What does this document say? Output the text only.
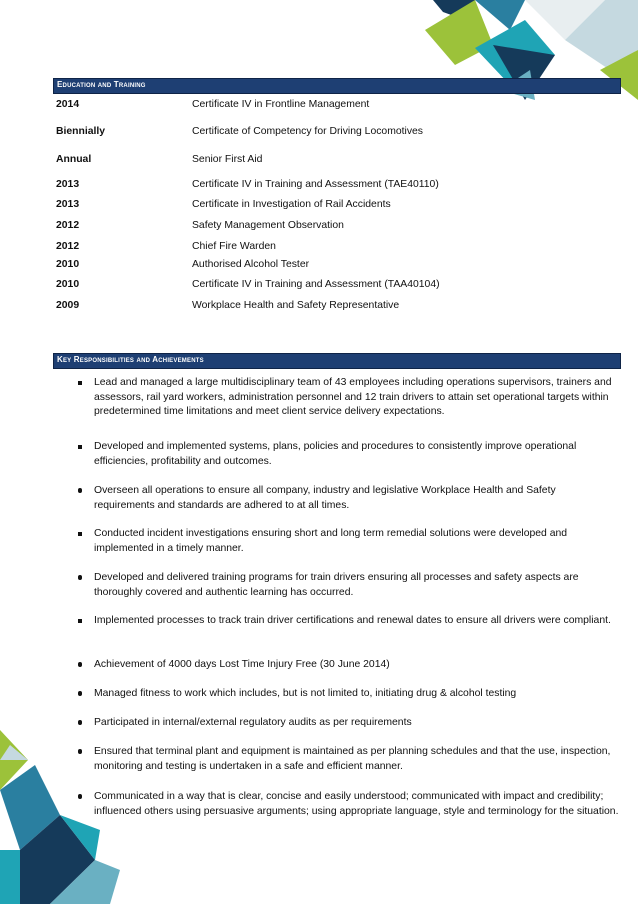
Education and Training
2014	Certificate IV in Frontline Management
Biennially	Certificate of Competency for Driving Locomotives
Annual	Senior First Aid
2013	Certificate IV in Training and Assessment (TAE40110)
2013	Certificate in Investigation of Rail Accidents
2012	Safety Management Observation
2012	Chief Fire Warden
2010	Authorised Alcohol Tester
2010	Certificate IV in Training and Assessment (TAA40104)
2009	Workplace Health and Safety Representative
Key Responsibilities and Achievements
Lead and managed a large multidisciplinary team of 43 employees including operations supervisors, trainers and assessors, rail yard workers, administration personnel and 12 train drivers to attain set operational targets within predetermined time limitations and meet client service delivery expectations.
Developed and implemented systems, plans, policies and procedures to consistently improve operational efficiencies, profitability and outcomes.
Overseen all operations to ensure all company, industry and legislative Workplace Health and Safety requirements and standards are adhered to at all times.
Conducted incident investigations ensuring short and long term remedial solutions were developed and implemented in a timely manner.
Developed and delivered training programs for train drivers ensuring all processes and safety aspects are thoroughly covered and authentic learning has occurred.
Implemented processes to track train driver certifications and renewal dates to ensure all drivers were compliant.
Achievement of 4000 days Lost Time Injury Free (30 June 2014)
Managed fitness to work which includes, but is not limited to, initiating drug & alcohol testing
Participated in internal/external regulatory audits as per requirements
Ensured that terminal plant and equipment is maintained as per planning schedules and that the use, inspection, monitoring and testing is undertaken in a safe and efficient manner.
Communicated in a way that is clear, concise and easily understood; communicated with impact and credibility; influenced others using persuasive arguments; using appropriate language, style and terminology for the situation.
